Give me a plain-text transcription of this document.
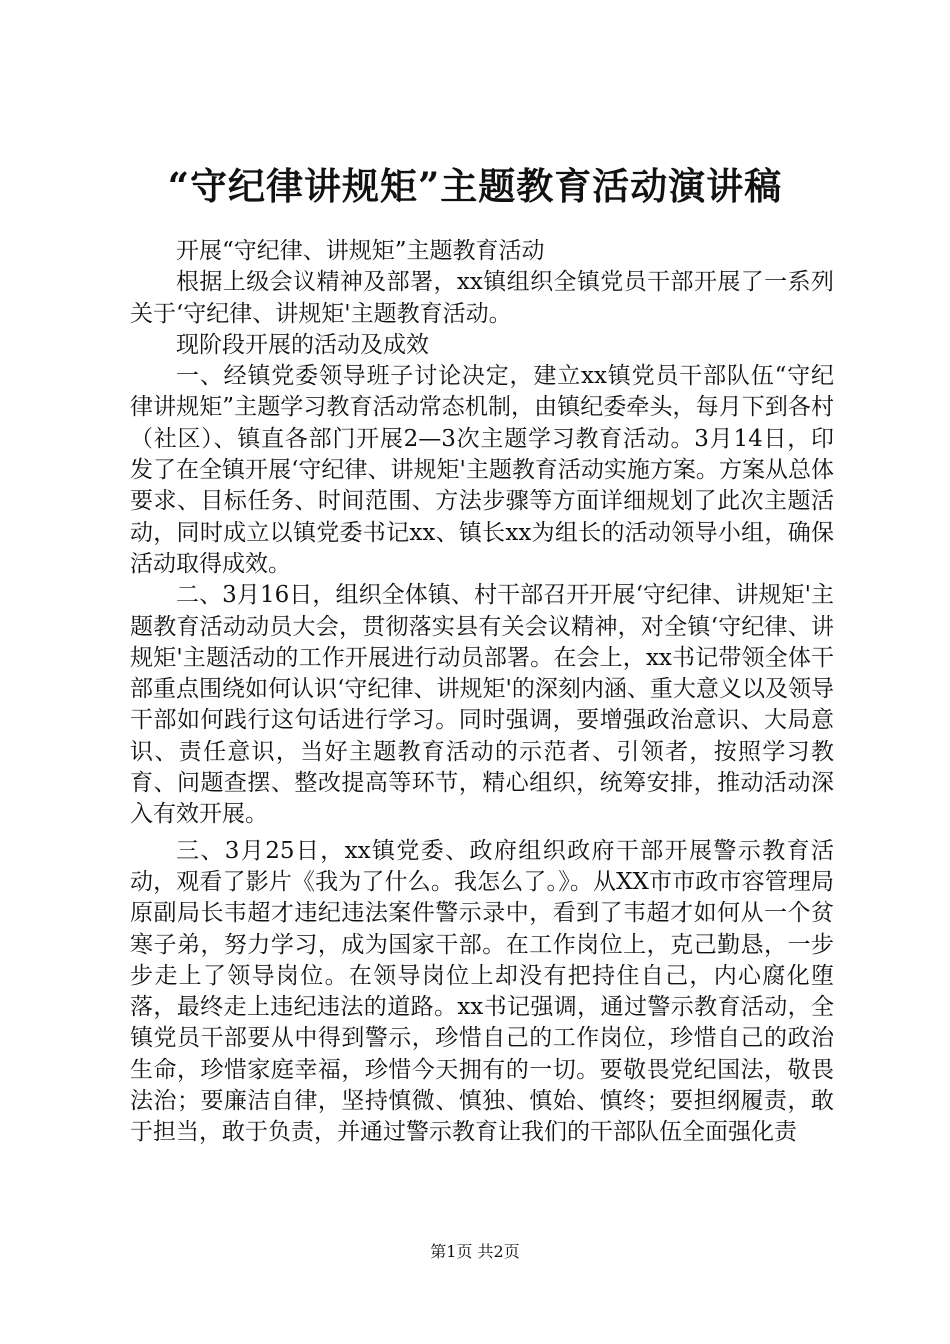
“守纪律讲规矩”主题教育活动演讲稿

开展“守纪律、讲规矩”主题教育活动

根据上级会议精神及部署，xx镇组织全镇党员干部开展了一系列关于‘守纪律、讲规矩'主题教育活动。

现阶段开展的活动及成效

一、经镇党委领导班子讨论决定，建立xx镇党员干部队伍“守纪律讲规矩”主题学习教育活动常态机制，由镇纪委牵头，每月下到各村（社区）、镇直各部门开展2—3次主题学习教育活动。3月14日，印发了在全镇开展‘守纪律、讲规矩'主题教育活动实施方案。方案从总体要求、目标任务、时间范围、方法步骤等方面详细规划了此次主题活动，同时成立以镇党委书记xx、镇长xx为组长的活动领导小组，确保活动取得成效。

二、3月16日，组织全体镇、村干部召开开展‘守纪律、讲规矩'主题教育活动动员大会，贯彻落实县有关会议精神，对全镇‘守纪律、讲规矩'主题活动的工作开展进行动员部署。在会上，xx书记带领全体干部重点围绕如何认识‘守纪律、讲规矩'的深刻内涵、重大意义以及领导干部如何践行这句话进行学习。同时强调，要增强政治意识、大局意识、责任意识，当好主题教育活动的示范者、引领者，按照学习教育、问题查摆、整改提高等环节，精心组织，统筹安排，推动活动深入有效开展。

三、3月25日，xx镇党委、政府组织政府干部开展警示教育活动，观看了影片《我为了什么。我怎么了。》。从XX市市政市容管理局原副局长韦超才违纪违法案件警示录中，看到了韦超才如何从一个贫寒子弟，努力学习，成为国家干部。在工作岗位上，克己勤恳，一步步走上了领导岗位。在领导岗位上却没有把持住自己，内心腐化堕落，最终走上违纪违法的道路。xx书记强调，通过警示教育活动，全镇党员干部要从中得到警示，珍惜自己的工作岗位，珍惜自己的政治生命，珍惜家庭幸福，珍惜今天拥有的一切。要敬畏党纪国法，敬畏法治；要廉洁自律，坚持慎微、慎独、慎始、慎终；要担纲履责，敢于担当，敢于负责，并通过警示教育让我们的干部队伍全面强化责

第1页 共2页
